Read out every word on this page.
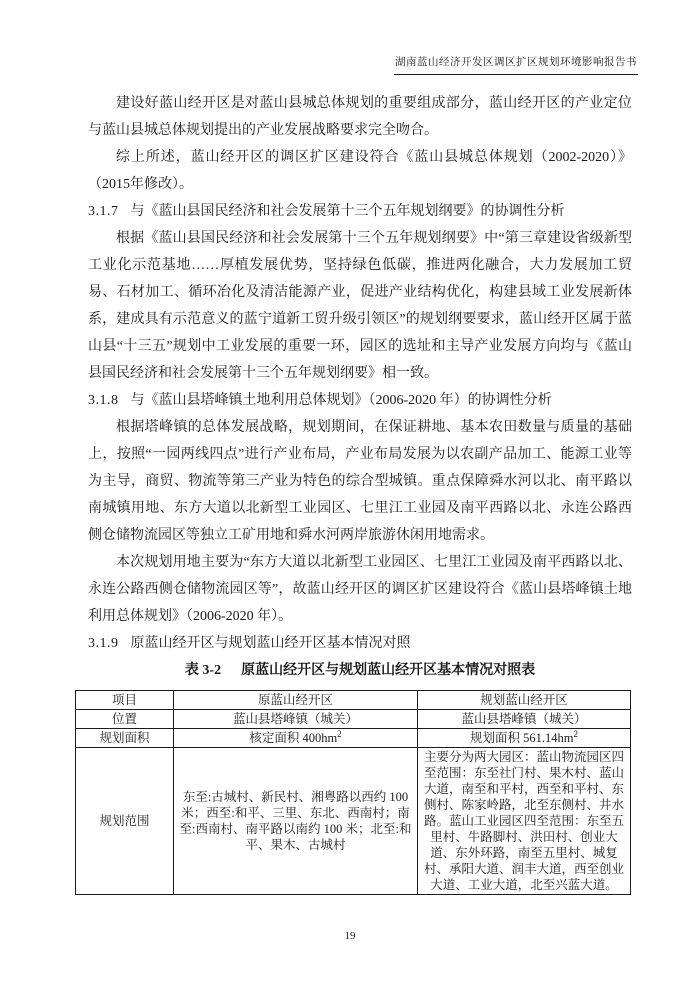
湖南蓝山经济开发区调区扩区规划环境影响报告书

建设好蓝山经开区是对蓝山县城总体规划的重要组成部分，蓝山经开区的产业定位与蓝山县城总体规划提出的产业发展战略要求完全吻合。

综上所述，蓝山经开区的调区扩区建设符合《蓝山县城总体规划（2002-2020）》（2015年修改）。

3.1.7 与《蓝山县国民经济和社会发展第十三个五年规划纲要》的协调性分析

根据《蓝山县国民经济和社会发展第十三个五年规划纲要》中“第三章建设省级新型工业化示范基地……厚植发展优势，坚持绿色低碳，推进两化融合，大力发展加工贸易、石材加工、循环冶化及清洁能源产业，促进产业结构优化，构建县域工业发展新体系，建成具有示范意义的蓝宁道新工贸升级引领区”的规划纲要要求，蓝山经开区属于蓝山县“十三五”规划中工业发展的重要一环，园区的选址和主导产业发展方向均与《蓝山县国民经济和社会发展第十三个五年规划纲要》相一致。

3.1.8 与《蓝山县塔峰镇土地利用总体规划》（2006-2020 年）的协调性分析

根据塔峰镇的总体发展战略，规划期间，在保证耕地、基本农田数量与质量的基础上，按照“一园两线四点”进行产业布局，产业布局发展为以农副产品加工、能源工业等为主导，商贸、物流等第三产业为特色的综合型城镇。重点保障舜水河以北、南平路以南城镇用地、东方大道以北新型工业园区、七里江工业园及南平西路以北、永连公路西侧仓储物流园区等独立工矿用地和舜水河两岸旅游休闲用地需求。

本次规划用地主要为“东方大道以北新型工业园区、七里江工业园及南平西路以北、永连公路西侧仓储物流园区等”，故蓝山经开区的调区扩区建设符合《蓝山县塔峰镇土地利用总体规划》（2006-2020 年）。

3.1.9 原蓝山经开区与规划蓝山经开区基本情况对照

表 3-2 原蓝山经开区与规划蓝山经开区基本情况对照表

项目	原蓝山经开区	规划蓝山经开区
位置	蓝山县塔峰镇（城关）	蓝山县塔峰镇（城关）
规划面积	核定面积 $400hm^2$	规划面积 $561.14hm^2$
规划范围	东至:古城村、新民村、湘粤路以西约 100 米；西至:和平、三里、东北、西南村；南至:西南村、南平路以南约 100 米；北至:和平、果木、古城村	主要分为两大园区：蓝山物流园区四至范围：东至社门村、果木村、蓝山大道，南至和平村，西至和平村、东侧村、陈家岭路，北至东侧村、井水路。蓝山工业园区四至范围：东至五里村、牛路脚村、洪田村、创业大道、东外环路，南至五里村、城复村、承阳大道、润丰大道，西至创业大道、工业大道，北至兴蓝大道。
19
